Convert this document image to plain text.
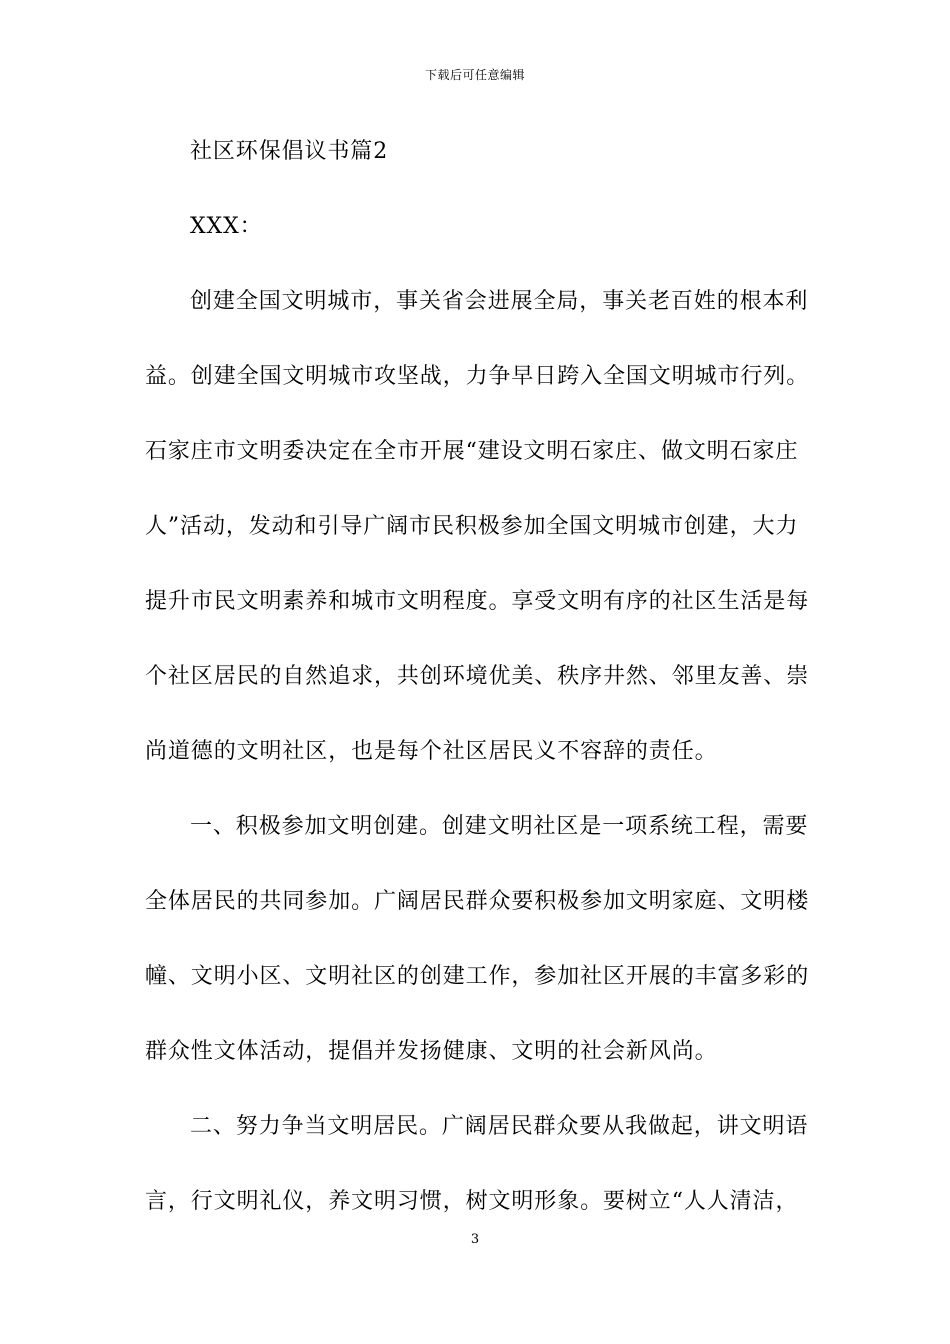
下载后可任意编辑
社区环保倡议书篇2
XXX：
创建全国文明城市，事关省会进展全局，事关老百姓的根本利
益。创建全国文明城市攻坚战，力争早日跨入全国文明城市行列。
石家庄市文明委决定在全市开展“建设文明石家庄、做文明石家庄
人”活动，发动和引导广阔市民积极参加全国文明城市创建，大力
提升市民文明素养和城市文明程度。享受文明有序的社区生活是每
个社区居民的自然追求，共创环境优美、秩序井然、邻里友善、崇
尚道德的文明社区，也是每个社区居民义不容辞的责任。
一、积极参加文明创建。创建文明社区是一项系统工程，需要
全体居民的共同参加。广阔居民群众要积极参加文明家庭、文明楼
幢、文明小区、文明社区的创建工作，参加社区开展的丰富多彩的
群众性文体活动，提倡并发扬健康、文明的社会新风尚。
二、努力争当文明居民。广阔居民群众要从我做起，讲文明语
言，行文明礼仪，养文明习惯，树文明形象。要树立“人人清洁，
3
